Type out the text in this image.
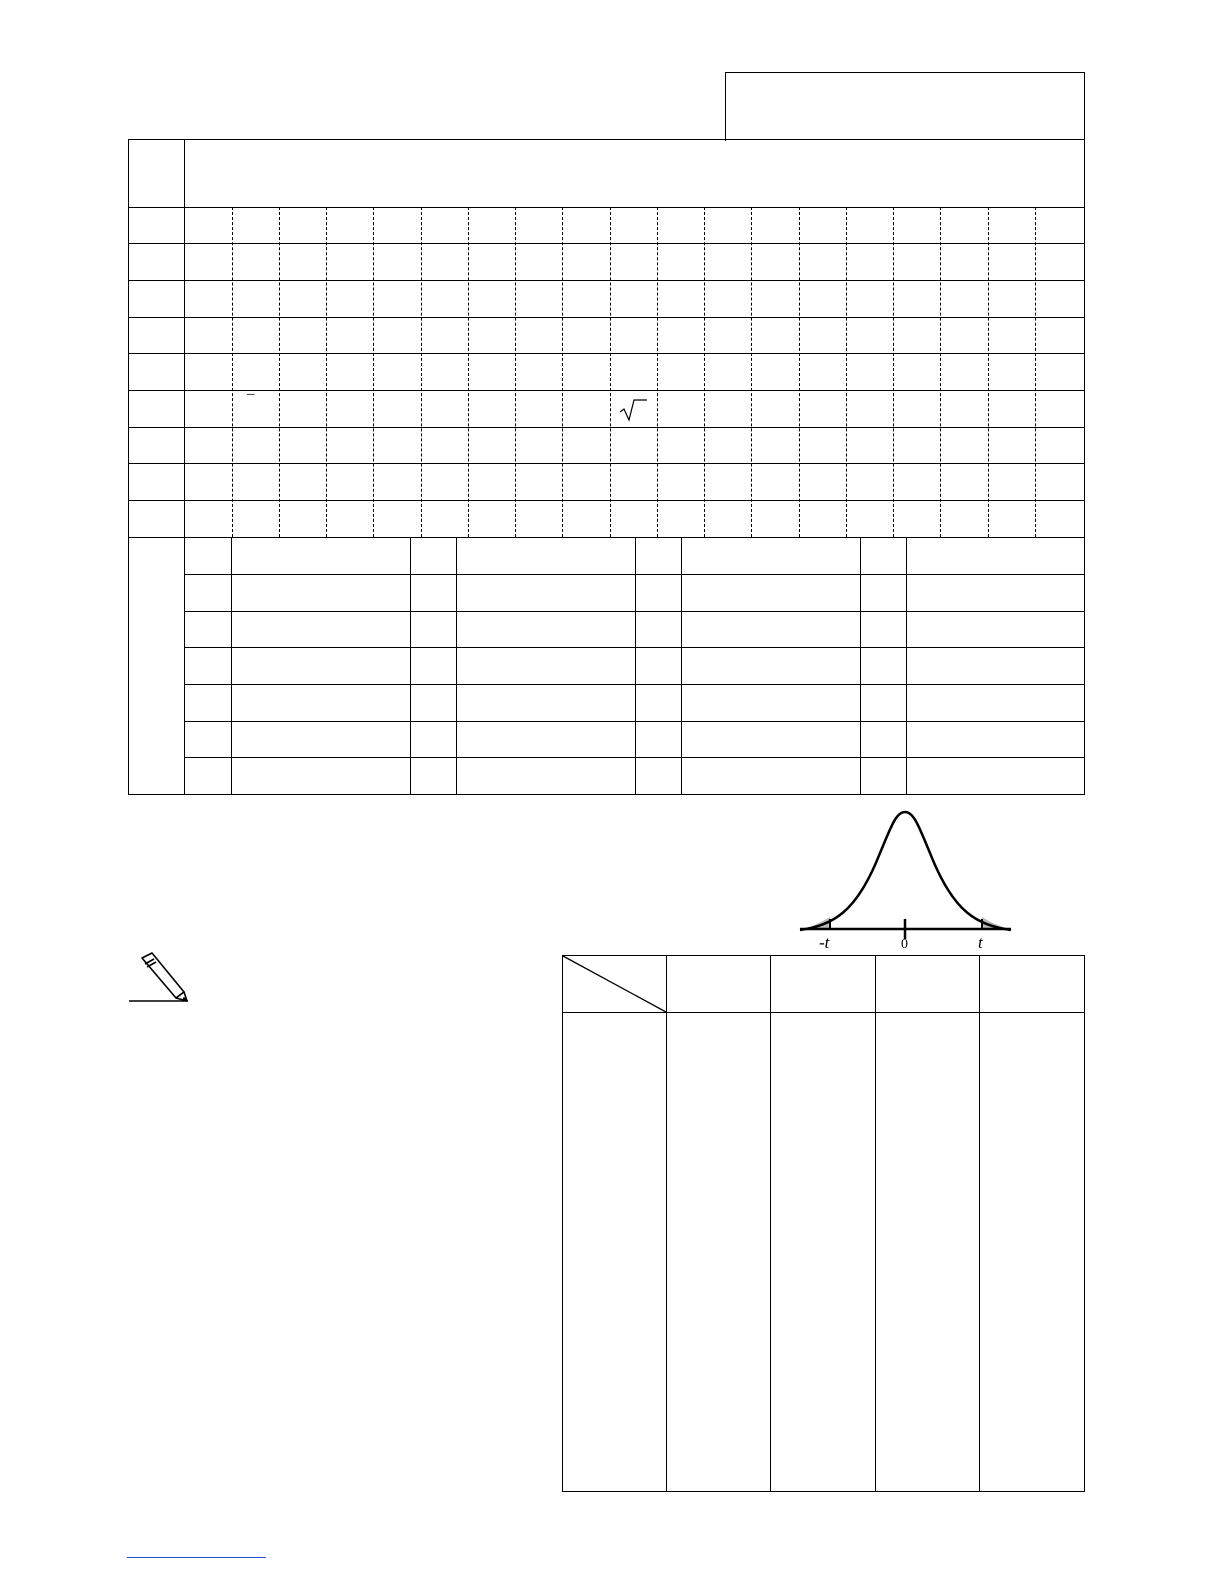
–
-t	0	t
